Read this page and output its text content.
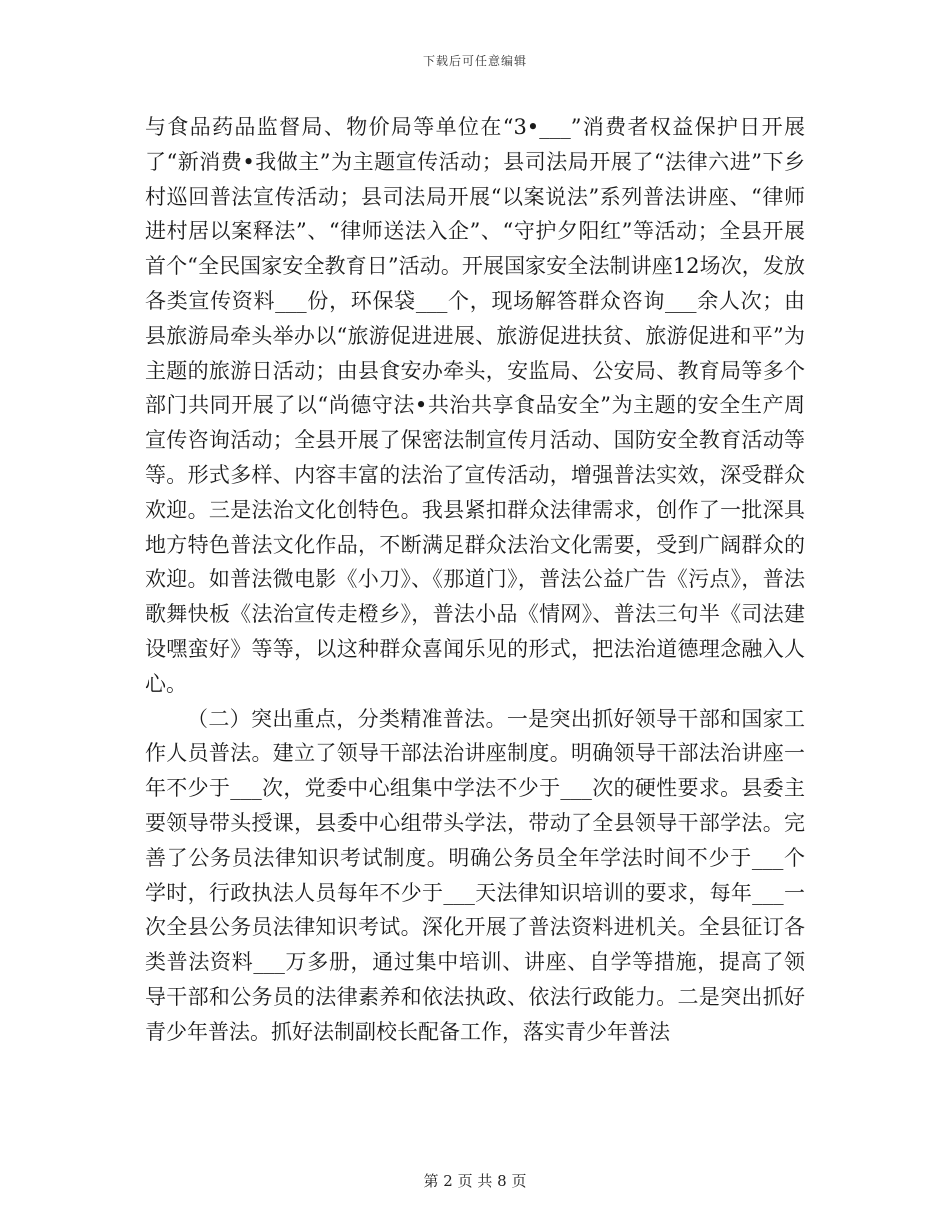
下载后可任意编辑

与食品药品监督局、物价局等单位在“3•___”消费者权益保护日开展了“新消费•我做主”为主题宣传活动；县司法局开展了“法律六进”下乡村巡回普法宣传活动；县司法局开展“以案说法”系列普法讲座、“律师进村居以案释法”、“律师送法入企”、“守护夕阳红”等活动；全县开展首个“全民国家安全教育日”活动。开展国家安全法制讲座12场次，发放各类宣传资料___份，环保袋___个，现场解答群众咨询___余人次；由县旅游局牵头举办以“旅游促进进展、旅游促进扶贫、旅游促进和平”为主题的旅游日活动；由县食安办牵头，安监局、公安局、教育局等多个部门共同开展了以“尚德守法•共治共享食品安全”为主题的安全生产周宣传咨询活动；全县开展了保密法制宣传月活动、国防安全教育活动等等。形式多样、内容丰富的法治了宣传活动，增强普法实效，深受群众欢迎。三是法治文化创特色。我县紧扣群众法律需求，创作了一批深具地方特色普法文化作品，不断满足群众法治文化需要，受到广阔群众的欢迎。如普法微电影《小刀》、《那道门》，普法公益广告《污点》，普法歌舞快板《法治宣传走橙乡》，普法小品《情网》、普法三句半《司法建设嘿蛮好》等等，以这种群众喜闻乐见的形式，把法治道德理念融入人心。

（二）突出重点，分类精准普法。一是突出抓好领导干部和国家工作人员普法。建立了领导干部法治讲座制度。明确领导干部法治讲座一年不少于___次，党委中心组集中学法不少于___次的硬性要求。县委主要领导带头授课，县委中心组带头学法，带动了全县领导干部学法。完善了公务员法律知识考试制度。明确公务员全年学法时间不少于___个学时，行政执法人员每年不少于___天法律知识培训的要求，每年___一次全县公务员法律知识考试。深化开展了普法资料进机关。全县征订各类普法资料___万多册，通过集中培训、讲座、自学等措施，提高了领导干部和公务员的法律素养和依法执政、依法行政能力。二是突出抓好青少年普法。抓好法制副校长配备工作，落实青少年普法

第 2 页 共 8 页
